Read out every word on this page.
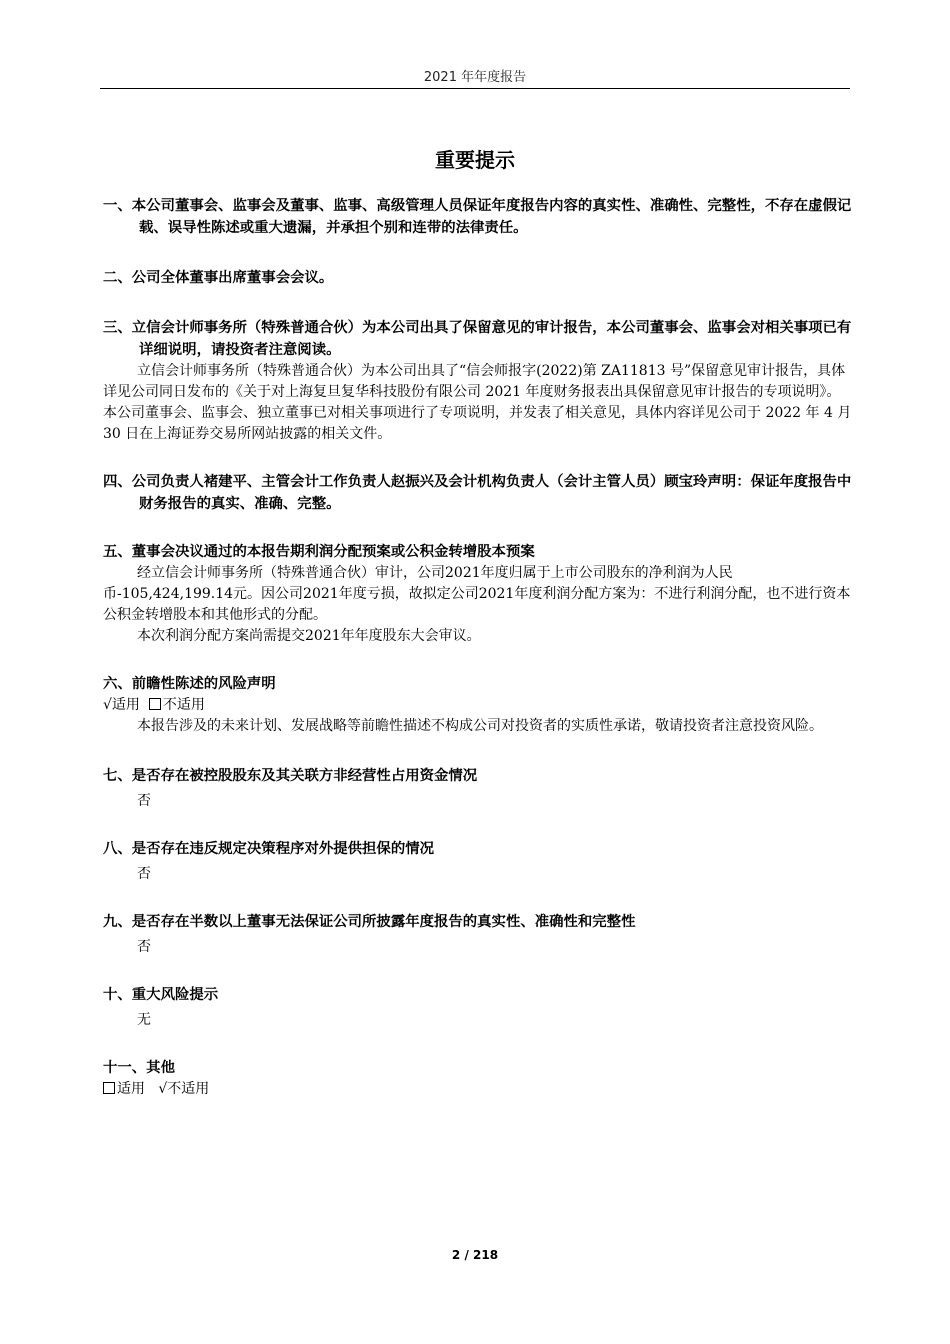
2021 年年度报告
重要提示

一、本公司董事会、监事会及董事、监事、高级管理人员保证年度报告内容的真实性、准确性、完整性，不存在虚假记载、误导性陈述或重大遗漏，并承担个别和连带的法律责任。

二、公司全体董事出席董事会会议。

三、立信会计师事务所（特殊普通合伙）为本公司出具了保留意见的审计报告，本公司董事会、监事会对相关事项已有详细说明，请投资者注意阅读。

立信会计师事务所（特殊普通合伙）为本公司出具了“信会师报字(2022)第 ZA11813 号”保留意见审计报告，具体详见公司同日发布的《关于对上海复旦复华科技股份有限公司 2021 年度财务报表出具保留意见审计报告的专项说明》。本公司董事会、监事会、独立董事已对相关事项进行了专项说明，并发表了相关意见，具体内容详见公司于 2022 年 4 月 30 日在上海证券交易所网站披露的相关文件。

四、公司负责人褚建平、主管会计工作负责人赵振兴及会计机构负责人（会计主管人员）顾宝玲声明：保证年度报告中财务报告的真实、准确、完整。

五、董事会决议通过的本报告期利润分配预案或公积金转增股本预案

经立信会计师事务所（特殊普通合伙）审计，公司2021年度归属于上市公司股东的净利润为人民币-105,424,199.14元。因公司2021年度亏损，故拟定公司2021年度利润分配方案为：不进行利润分配，也不进行资本公积金转增股本和其他形式的分配。

本次利润分配方案尚需提交2021年年度股东大会审议。

六、前瞻性陈述的风险声明

√适用 不适用

本报告涉及的未来计划、发展战略等前瞻性描述不构成公司对投资者的实质性承诺，敬请投资者注意投资风险。

七、是否存在被控股股东及其关联方非经营性占用资金情况

否

八、是否存在违反规定决策程序对外提供担保的情况

否

九、是否存在半数以上董事无法保证公司所披露年度报告的真实性、准确性和完整性

否

十、重大风险提示

无

十一、其他

适用 √不适用

2 / 218
